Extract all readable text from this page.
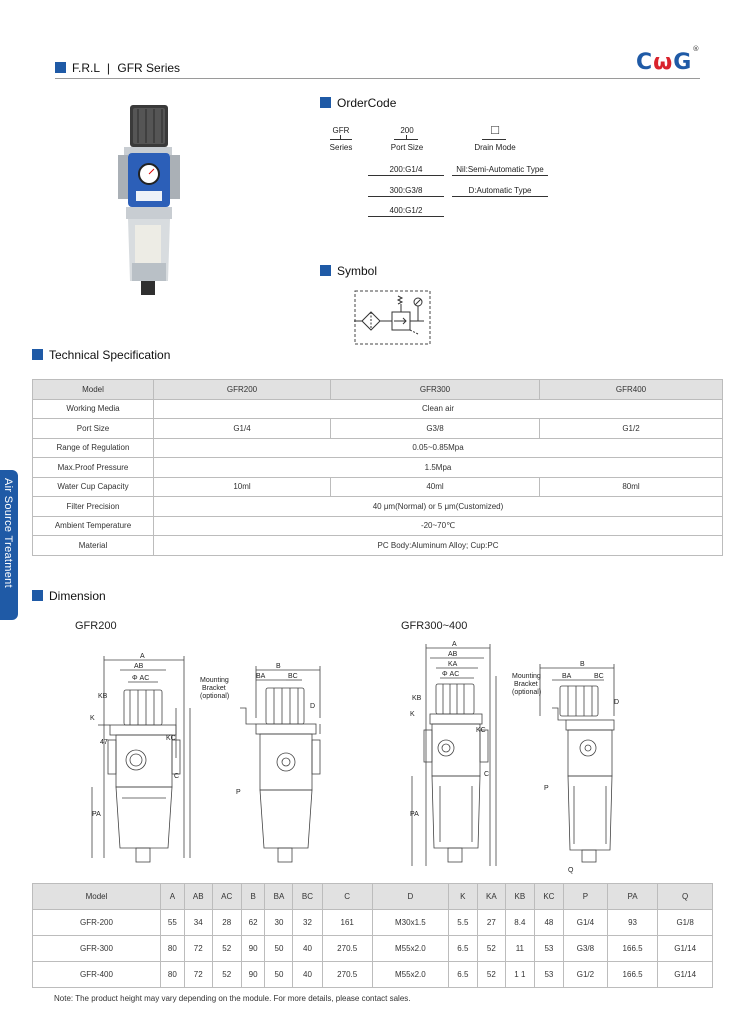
F.R.L | GFR Series	CωG®
Air Source Treatment
OrderCode
GFR
Series
200
Port Size
□
Drain Mode
200:G1/4
300:G3/8
400:G1/2
Nil:Semi-Automatic Type
D:Automatic Type
Symbol
Technical Specification
Model	GFR200	GFR300	GFR400
Working Media	Clean air		
Port Size	G1/4	G3/8	G1/2
Range of Regulation	0.05~0.85Mpa		
Max.Proof Pressure	1.5Mpa		
Water Cup Capacity	10ml	40ml	80ml
Filter Precision	40 μm(Normal) or 5 μm(Customized)		
Ambient Temperature	-20~70℃		
Material	PC Body:Aluminum Alloy; Cup:PC		
Dimension
GFR200	GFR300~400
A
AB
Φ AC
KB
K
47
KC
C
PA
Mounting
Bracket
(optional)
B
BA	BC
D
P
A
AB
KA
Φ AC
KB
K
KC
C
PA
Mounting
Bracket
(optional)
B
BA	BC
D
P
Q
Model	A	AB	AC	B	BA	BC	C	D	K	KA	KB	KC	P	PA	Q
GFR-200	55	34	28	62	30	32	161	M30x1.5	5.5	27	8.4	48	G1/4	93	G1/8
GFR-300	80	72	52	90	50	40	270.5	M55x2.0	6.5	52	11	53	G3/8	166.5	G1/14
GFR-400	80	72	52	90	50	40	270.5	M55x2.0	6.5	52	1 1	53	G1/2	166.5	G1/14
Note: The product height may vary depending on the module. For more details, please contact sales.
